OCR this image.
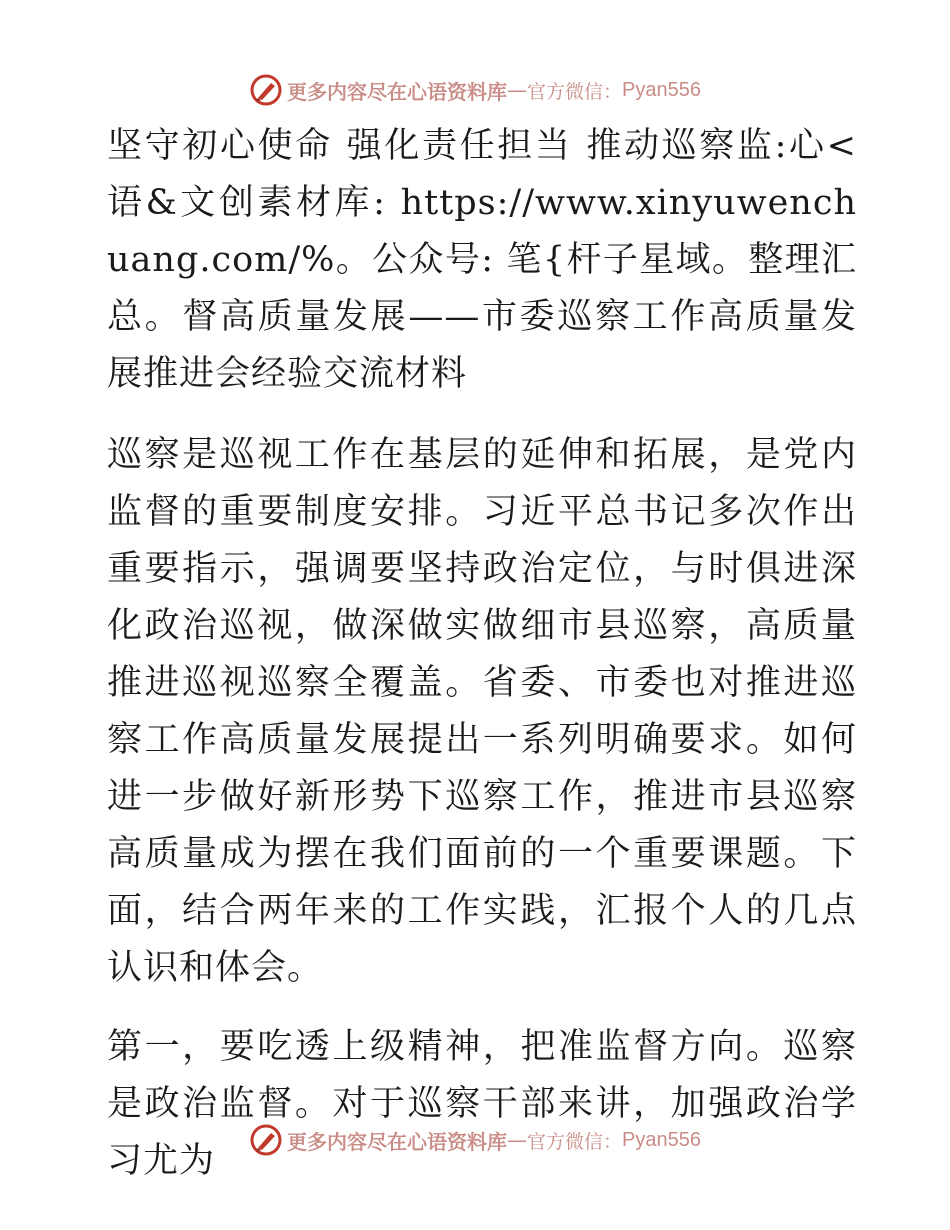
更多内容尽在心语资料库 — 官方微信： Pyan556

坚守初心使命 强化责任担当 推动巡察监:心<语&文创素材库: https://www.xinyuwenchuang.com/%。公众号: 笔{杆子星域。整理汇总。督高质量发展——市委巡察工作高质量发展推进会经验交流材料

巡察是巡视工作在基层的延伸和拓展，是党内监督的重要制度安排。习近平总书记多次作出重要指示，强调要坚持政治定位，与时俱进深化政治巡视，做深做实做细市县巡察，高质量推进巡视巡察全覆盖。省委、市委也对推进巡察工作高质量发展提出一系列明确要求。如何进一步做好新形势下巡察工作，推进市县巡察高质量成为摆在我们面前的一个重要课题。下面，结合两年来的工作实践，汇报个人的几点认识和体会。

第一，要吃透上级精神，把准监督方向。巡察是政治监督。对于巡察干部来讲，加强政治学习尤为	更多内容尽在心语资料库 — 官方微信： Pyan556
